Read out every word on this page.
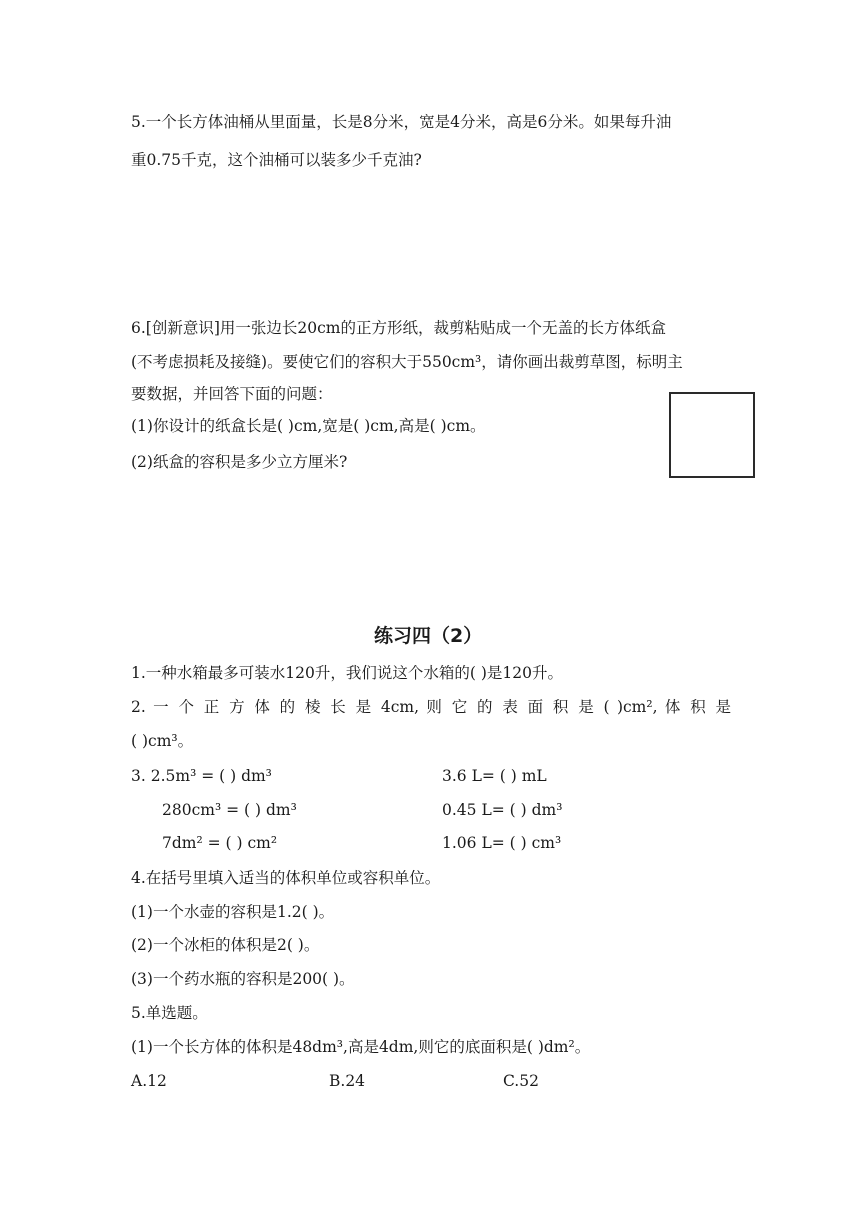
5.一个长方体油桶从里面量，长是8分米，宽是4分米，高是6分米。如果每升油
重0.75千克，这个油桶可以装多少千克油?
6.[创新意识]用一张边长20cm的正方形纸，裁剪粘贴成一个无盖的长方体纸盒
(不考虑损耗及接缝)。要使它们的容积大于550cm³，请你画出裁剪草图，标明主
要数据，并回答下面的问题：
(1)你设计的纸盒长是( )cm,宽是( )cm,高是( )cm。
(2)纸盒的容积是多少立方厘米?
练习四（2）
1.一种水箱最多可装水120升，我们说这个水箱的( )是120升。
2. 一 个 正 方 体 的 棱 长 是 4cm, 则 它 的 表 面 积 是 ( )cm², 体 积 是
( )cm³。
3. 2.5m³ = ( ) dm³	3.6 L= ( ) mL
280cm³ = ( ) dm³	0.45 L= ( ) dm³
7dm² = ( ) cm²	1.06 L= ( ) cm³
4.在括号里填入适当的体积单位或容积单位。
(1)一个水壶的容积是1.2( )。
(2)一个冰柜的体积是2( )。
(3)一个药水瓶的容积是200( )。
5.单选题。
(1)一个长方体的体积是48dm³,高是4dm,则它的底面积是( )dm²。
A.12	B.24	C.52
